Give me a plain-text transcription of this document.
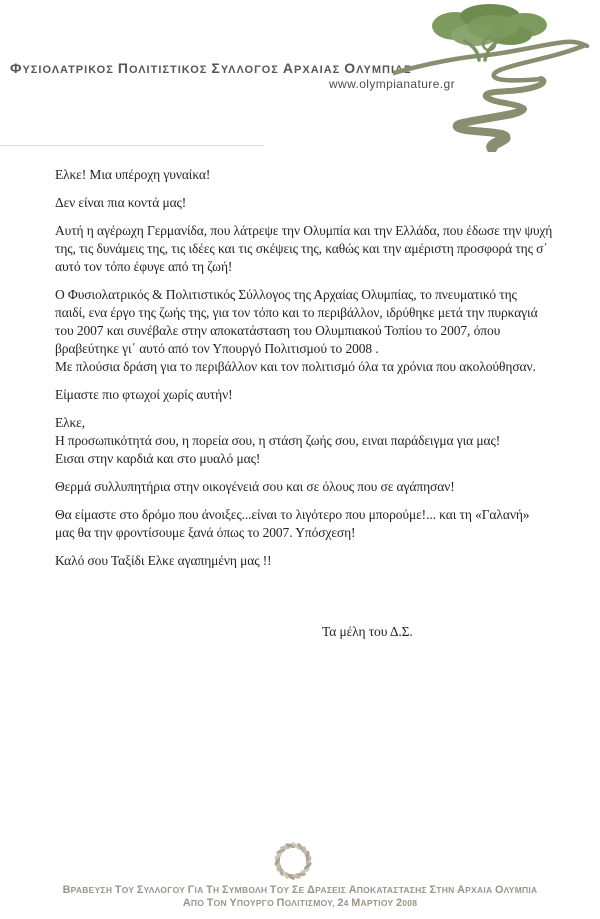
ΦΥΣΙΟΛΑΤΡΙΚΟΣ ΠΟΛΙΤΙΣΤΙΚΟΣ ΣΥΛΛΟΓΟΣ ΑΡΧΑΙΑΣ ΟΛΥΜΠΙΑΣ
www.olympianature.gr

Ελκε! Μια υπέροχη γυναίκα!

Δεν είναι πια κοντά μας!

Αυτή η αγέρωχη Γερμανίδα, που λάτρεψε την Ολυμπία και την Ελλάδα, που έδωσε την ψυχή
της, τις δυνάμεις της, τις ιδέες και τις σκέψεις της, καθώς και την αμέριστη προσφορά της σ΄
αυτό τον τόπο έφυγε από τη ζωή!

Ο Φυσιολατρικός & Πολιτιστικός Σύλλογος της Αρχαίας Ολυμπίας, το πνευματικό της
παιδί, ενα έργο της ζωής της, για τον τόπο και το περιβάλλον, ιδρύθηκε μετά την πυρκαγιά
του 2007 και συνέβαλε στην αποκατάσταση του Ολυμπιακού Τοπίου το 2007, όπου
βραβεύτηκε γι΄ αυτό από τον Υπουργό Πολιτισμού το 2008 .
Με πλούσια δράση για το περιβάλλον και τον πολιτισμό όλα τα χρόνια που ακολούθησαν.

Είμαστε πιο φτωχοί χωρίς αυτήν!

Ελκε,
Η προσωπικότητά σου, η πορεία σου, η στάση ζωής σου, ειναι παράδειγμα για μας!
Εισαι στην καρδιά και στο μυαλό μας!

Θερμά συλλυπητήρια στην οικογένειά σου και σε όλους που σε αγάπησαν!

Θα είμαστε στο δρόμο που άνοιξες...είναι το λιγότερο που μπορούμε!... και τη «Γαλανή»
μας θα την φροντίσουμε ξανά όπως το 2007. Υπόσχεση!

Καλό σου Ταξίδι Ελκε αγαπημένη μας !!

Τα μέλη του Δ.Σ.
ΒΡΑΒΕΥΣΗ ΤΟΥ ΣΥΛΛΟΓΟΥ ΓΙΑ ΤΗ ΣΥΜΒΟΛΗ ΤΟΥ ΣΕ ΔΡΑΣΕΙΣ ΑΠΟΚΑΤΑΣΤΑΣΗΣ ΣΤΗΝ ΑΡΧΑΙΑ ΟΛΥΜΠΙΑ
ΑΠΟ ΤΟΝ ΥΠΟΥΡΓΟ ΠΟΛΙΤΙΣΜΟΥ, 24 ΜΑΡΤΙΟΥ 2008
